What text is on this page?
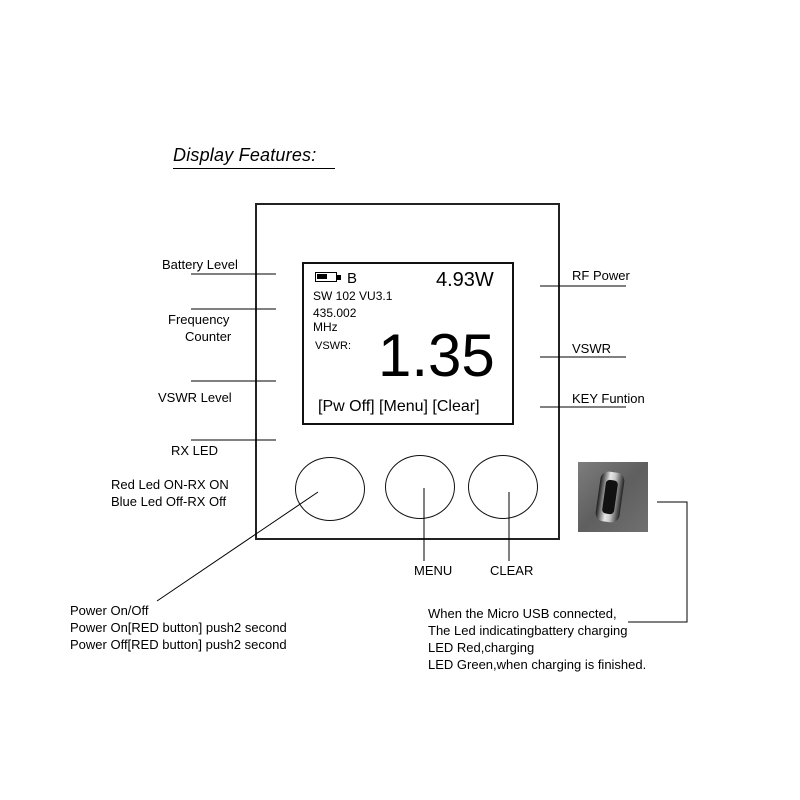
Display Features:
B	4.93W
SW 102 VU3.1
435.002
MHz
VSWR: 1.35
[Pw Off] [Menu] [Clear]
Battery Level
Frequency
Counter
VSWR Level
RX LED
Red Led ON-RX ON
Blue Led Off-RX Off
RF Power
VSWR
KEY Funtion
MENU	CLEAR
Power On/Off
Power On[RED button] push2 second
Power Off[RED button] push2 second
When the Micro USB connected,
The Led indicatingbattery charging
LED Red,charging
LED Green,when charging is finished.
